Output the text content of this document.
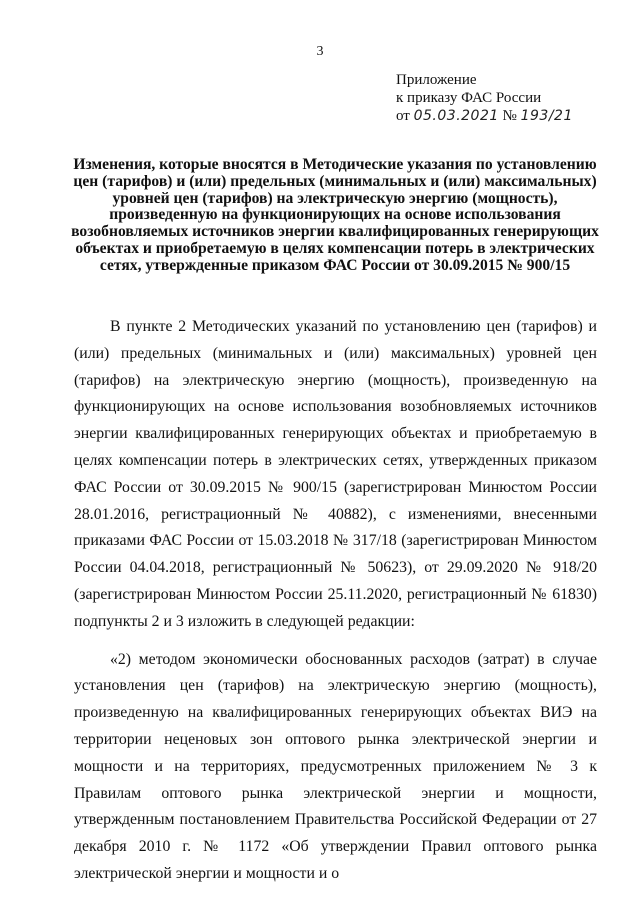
3
Приложение
к приказу ФАС России
от 05.03.2021 № 193/21
Изменения, которые вносятся в Методические указания по установлению цен (тарифов) и (или) предельных (минимальных и (или) максимальных) уровней цен (тарифов) на электрическую энергию (мощность), произведенную на функционирующих на основе использования возобновляемых источников энергии квалифицированных генерирующих объектах и приобретаемую в целях компенсации потерь в электрических сетях, утвержденные приказом ФАС России от 30.09.2015 № 900/15

В пункте 2 Методических указаний по установлению цен (тарифов) и (или) предельных (минимальных и (или) максимальных) уровней цен (тарифов) на электрическую энергию (мощность), произведенную на функционирующих на основе использования возобновляемых источников энергии квалифицированных генерирующих объектах и приобретаемую в целях компенсации потерь в электрических сетях, утвержденных приказом ФАС России от 30.09.2015 № 900/15 (зарегистрирован Минюстом России 28.01.2016, регистрационный № 40882), с изменениями, внесенными приказами ФАС России от 15.03.2018 № 317/18 (зарегистрирован Минюстом России 04.04.2018, регистрационный № 50623), от 29.09.2020 № 918/20 (зарегистрирован Минюстом России 25.11.2020, регистрационный № 61830) подпункты 2 и 3 изложить в следующей редакции:

«2) методом экономически обоснованных расходов (затрат) в случае установления цен (тарифов) на электрическую энергию (мощность), произведенную на квалифицированных генерирующих объектах ВИЭ на территории неценовых зон оптового рынка электрической энергии и мощности и на территориях, предусмотренных приложением № 3 к Правилам оптового рынка электрической энергии и мощности, утвержденным постановлением Правительства Российской Федерации от 27 декабря 2010 г. № 1172 «Об утверждении Правил оптового рынка электрической энергии и мощности и о
